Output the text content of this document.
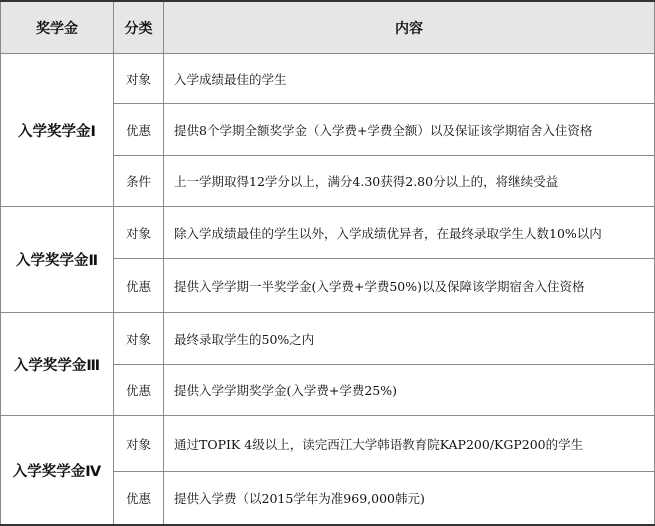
奖学金	分类	内容
入学奖学金Ⅰ	对象	入学成绩最佳的学生
	优惠	提供8个学期全额奖学金（入学费+学费全额）以及保证该学期宿舍入住资格
	条件	上一学期取得12学分以上，满分4.30获得2.80分以上的，将继续受益
入学奖学金Ⅱ	对象	除入学成绩最佳的学生以外，入学成绩优异者，在最终录取学生人数10%以内
	优惠	提供入学学期一半奖学金(入学费+学费50%)以及保障该学期宿舍入住资格
入学奖学金Ⅲ	对象	最终录取学生的50%之内
	优惠	提供入学学期奖学金(入学费+学费25%)
入学奖学金Ⅳ	对象	通过TOPIK 4级以上，读完西江大学韩语教育院KAP200/KGP200的学生
	优惠	提供入学费（以2015学年为准969,000韩元)
